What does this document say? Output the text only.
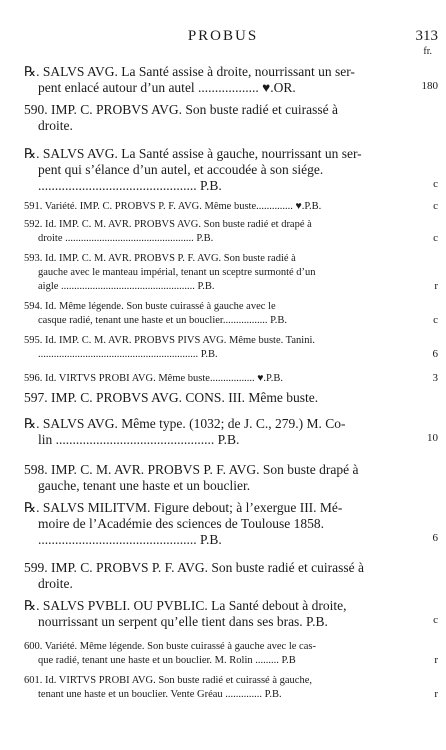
PROBUS	313
fr.
℞. SALVS AVG. La Santé assise à droite, nourrissant un ser-
pent enlacé autour d’un autel .................. ♥.OR.	180
590. IMP. C. PROBVS AVG. Son buste radié et cuirassé à
droite.
℞. SALVS AVG. La Santé assise à gauche, nourrissant un ser-
pent qui s’élance d’un autel, et accoudée à son siége.
............................................... P.B.	c
591. Variété. IMP. C. PROBVS P. F. AVG. Même buste.............. ♥.P.B.	c
592. Id. IMP. C. M. AVR. PROBVS AVG. Son buste radié et drapé à
droite ................................................. P.B.	c
593. Id. IMP. C. M. AVR. PROBVS P. F. AVG. Son buste radié à
gauche avec le manteau impérial, tenant un sceptre surmonté d’un
aigle ................................................... P.B.	r
594. Id. Même légende. Son buste cuirassé à gauche avec le
casque radié, tenant une haste et un bouclier................. P.B.	c
595. Id. IMP. C. M. AVR. PROBVS PIVS AVG. Même buste. Tanini.
............................................................. P.B.	6
596. Id. VIRTVS PROBI AVG. Même buste................. ♥.P.B.	3
597. IMP. C. PROBVS AVG. CONS. III. Même buste.
℞. SALVS AVG. Même type. (1032; de J. C., 279.) M. Co-
lin ............................................... P.B.	10
598. IMP. C. M. AVR. PROBVS P. F. AVG. Son buste drapé à
gauche, tenant une haste et un bouclier.
℞. SALVS MILITVM. Figure debout; à l’exergue III. Mé-
moire de l’Académie des sciences de Toulouse 1858.
............................................... P.B.	6
599. IMP. C. PROBVS P. F. AVG. Son buste radié et cuirassé à
droite.
℞. SALVS PVBLI. OU PVBLIC. La Santé debout à droite,
nourrissant un serpent qu’elle tient dans ses bras. P.B.	c
600. Variété. Même légende. Son buste cuirassé à gauche avec le cas-
que radié, tenant une haste et un bouclier. M. Rolin ......... P.B	r
601. Id. VIRTVS PROBI AVG. Son buste radié et cuirassé à gauche,
tenant une haste et un bouclier. Vente Gréau .............. P.B.	r
